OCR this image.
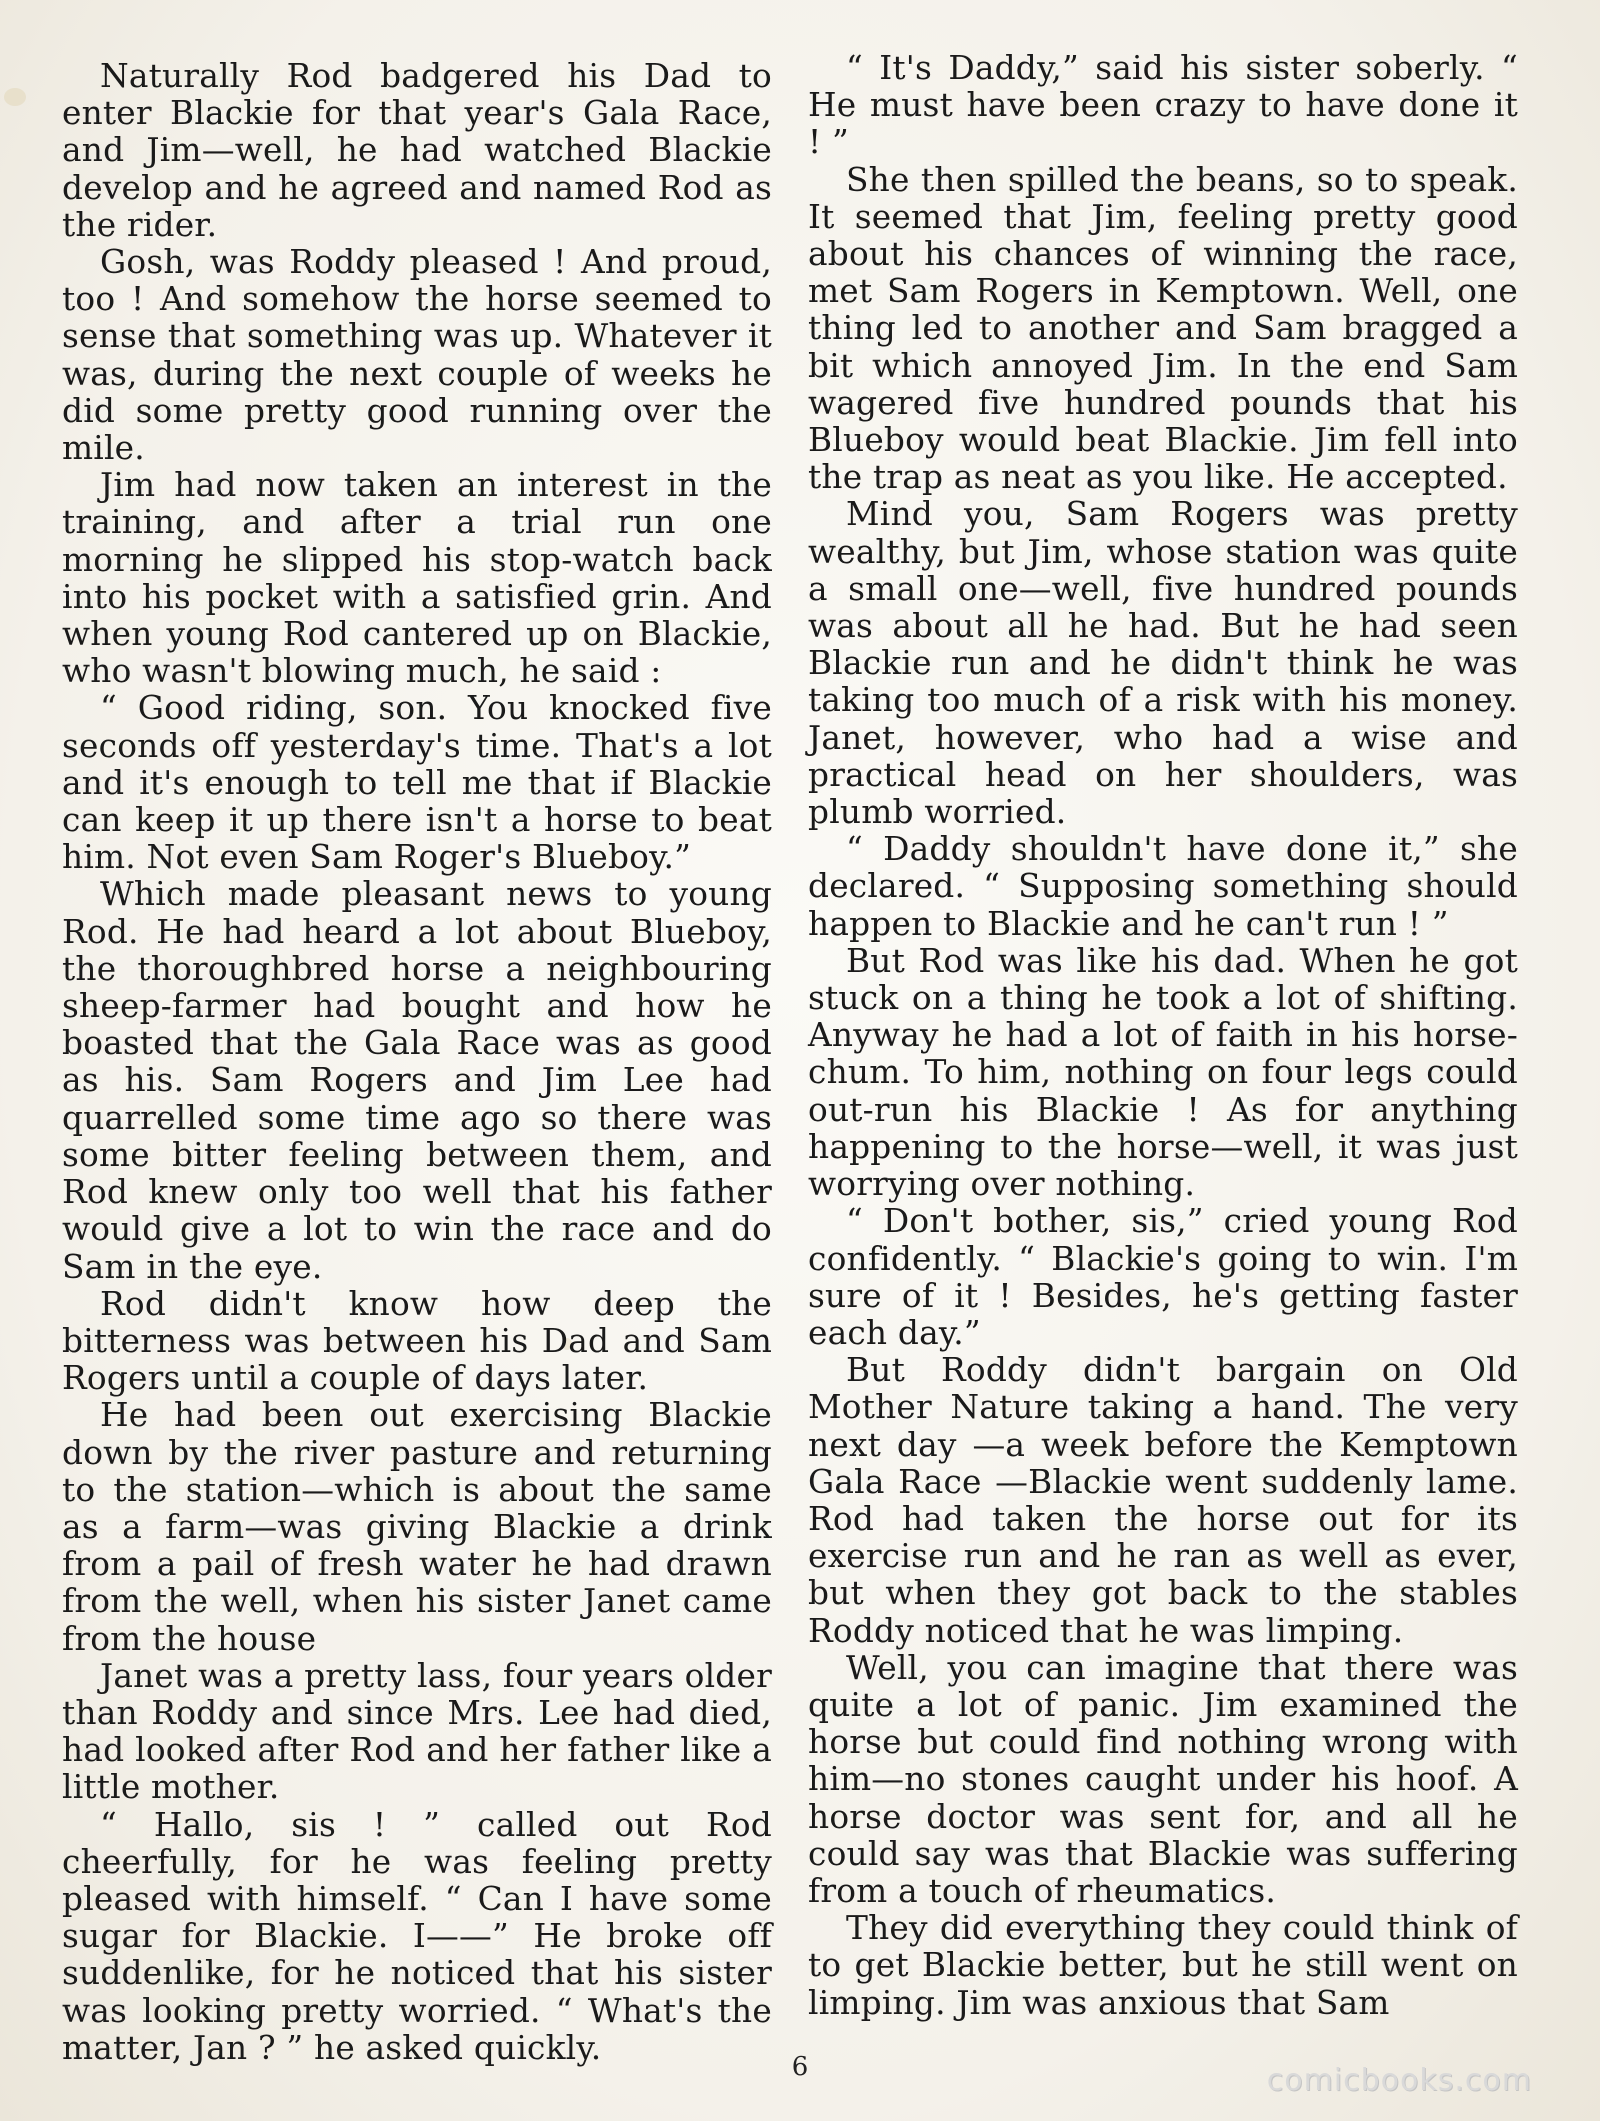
Naturally Rod badgered his Dad to enter Blackie for that year's Gala Race, and Jim—well, he had watched Blackie develop and he agreed and named Rod as the rider.

Gosh, was Roddy pleased ! And proud, too ! And somehow the horse seemed to sense that something was up. Whatever it was, during the next couple of weeks he did some pretty good running over the mile.

Jim had now taken an interest in the training, and after a trial run one morning he slipped his stop-watch back into his pocket with a satisfied grin. And when young Rod cantered up on Blackie, who wasn't blowing much, he said :

“ Good riding, son. You knocked five seconds off yesterday's time. That's a lot and it's enough to tell me that if Blackie can keep it up there isn't a horse to beat him. Not even Sam Roger's Blueboy.”

Which made pleasant news to young Rod. He had heard a lot about Blueboy, the thoroughbred horse a neighbouring sheep-farmer had bought and how he boasted that the Gala Race was as good as his. Sam Rogers and Jim Lee had quarrelled some time ago so there was some bitter feeling between them, and Rod knew only too well that his father would give a lot to win the race and do Sam in the eye.

Rod didn't know how deep the bitterness was between his Dad and Sam Rogers until a couple of days later.

He had been out exercising Blackie down by the river pasture and returning to the station—which is about the same as a farm—was giving Blackie a drink from a pail of fresh water he had drawn from the well, when his sister Janet came from the house

Janet was a pretty lass, four years older than Roddy and since Mrs. Lee had died, had looked after Rod and her father like a little mother.

“ Hallo, sis ! ” called out Rod cheerfully, for he was feeling pretty pleased with himself. “ Can I have some sugar for Blackie. I——” He broke off suddenlike, for he noticed that his sister was looking pretty worried. “ What's the matter, Jan ? ” he asked quickly.

“ It's Daddy,” said his sister soberly. “ He must have been crazy to have done it ! ”

She then spilled the beans, so to speak. It seemed that Jim, feeling pretty good about his chances of winning the race, met Sam Rogers in Kemptown. Well, one thing led to another and Sam bragged a bit which annoyed Jim. In the end Sam wagered five hundred pounds that his Blueboy would beat Blackie. Jim fell into the trap as neat as you like. He accepted.

Mind you, Sam Rogers was pretty wealthy, but Jim, whose station was quite a small one—well, five hundred pounds was about all he had. But he had seen Blackie run and he didn't think he was taking too much of a risk with his money. Janet, however, who had a wise and practical head on her shoulders, was plumb worried.

“ Daddy shouldn't have done it,” she declared. “ Supposing something should happen to Blackie and he can't run ! ”

But Rod was like his dad. When he got stuck on a thing he took a lot of shifting. Anyway he had a lot of faith in his horse-chum. To him, nothing on four legs could out-run his Blackie ! As for anything happening to the horse—well, it was just worrying over nothing.

“ Don't bother, sis,” cried young Rod confidently. “ Blackie's going to win. I'm sure of it ! Besides, he's getting faster each day.”

But Roddy didn't bargain on Old Mother Nature taking a hand. The very next day —a week before the Kemptown Gala Race —Blackie went suddenly lame. Rod had taken the horse out for its exercise run and he ran as well as ever, but when they got back to the stables Roddy noticed that he was limping.

Well, you can imagine that there was quite a lot of panic. Jim examined the horse but could find nothing wrong with him—no stones caught under his hoof. A horse doctor was sent for, and all he could say was that Blackie was suffering from a touch of rheumatics.

They did everything they could think of to get Blackie better, but he still went on limping. Jim was anxious that Sam

6	comicbooks.com
